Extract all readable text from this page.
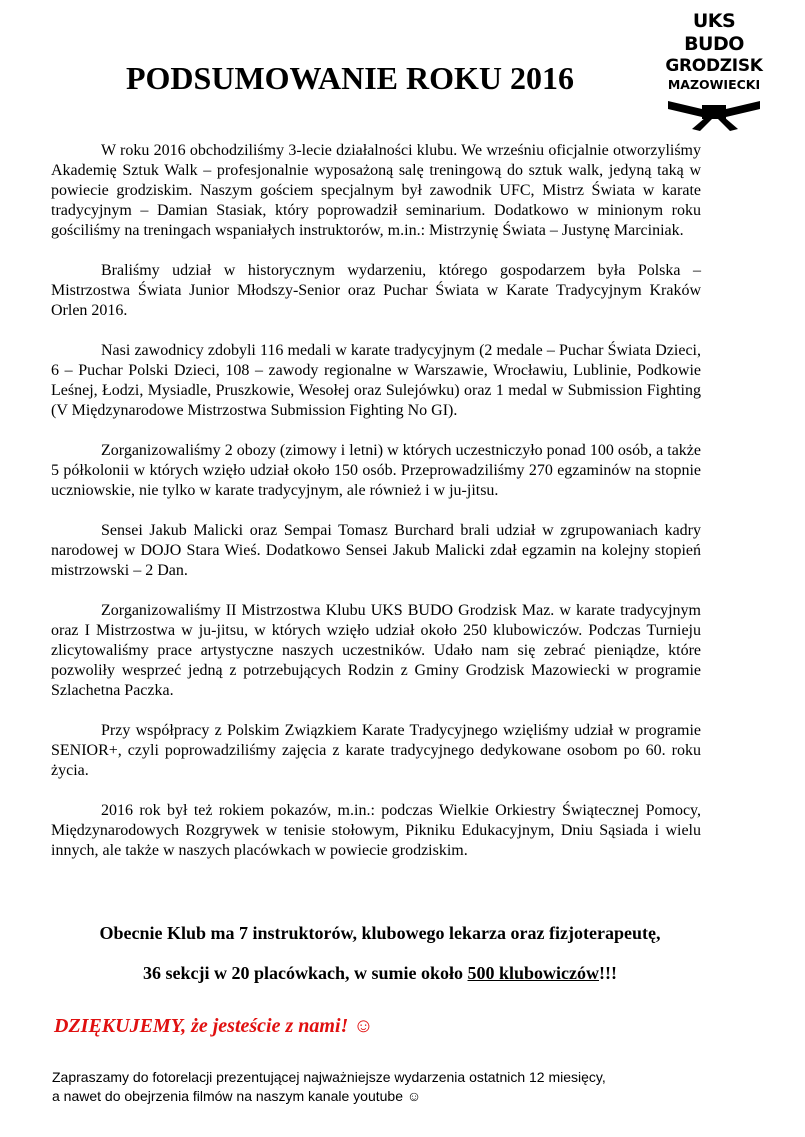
UKS BUDO
GRODZISK
MAZOWIECKI
PODSUMOWANIE ROKU 2016

W roku 2016 obchodziliśmy 3-lecie działalności klubu. We wrześniu oficjalnie otworzyliśmy Akademię Sztuk Walk – profesjonalnie wyposażoną salę treningową do sztuk walk, jedyną taką w powiecie grodziskim. Naszym gościem specjalnym był zawodnik UFC, Mistrz Świata w karate tradycyjnym – Damian Stasiak, który poprowadził seminarium. Dodatkowo w minionym roku gościliśmy na treningach wspaniałych instruktorów, m.in.: Mistrzynię Świata – Justynę Marciniak.

Braliśmy udział w historycznym wydarzeniu, którego gospodarzem była Polska – Mistrzostwa Świata Junior Młodszy-Senior oraz Puchar Świata w Karate Tradycyjnym Kraków Orlen 2016.

Nasi zawodnicy zdobyli 116 medali w karate tradycyjnym (2 medale – Puchar Świata Dzieci, 6 – Puchar Polski Dzieci, 108 – zawody regionalne w Warszawie, Wrocławiu, Lublinie, Podkowie Leśnej, Łodzi, Mysiadle, Pruszkowie, Wesołej oraz Sulejówku) oraz 1 medal w Submission Fighting (V Międzynarodowe Mistrzostwa Submission Fighting No GI).

Zorganizowaliśmy 2 obozy (zimowy i letni) w których uczestniczyło ponad 100 osób, a także 5 półkolonii w których wzięło udział około 150 osób. Przeprowadziliśmy 270 egzaminów na stopnie uczniowskie, nie tylko w karate tradycyjnym, ale również i w ju-jitsu.

Sensei Jakub Malicki oraz Sempai Tomasz Burchard brali udział w zgrupowaniach kadry narodowej w DOJO Stara Wieś. Dodatkowo Sensei Jakub Malicki zdał egzamin na kolejny stopień mistrzowski – 2 Dan.

Zorganizowaliśmy II Mistrzostwa Klubu UKS BUDO Grodzisk Maz. w karate tradycyjnym oraz I Mistrzostwa w ju-jitsu, w których wzięło udział około 250 klubowiczów. Podczas Turnieju zlicytowaliśmy prace artystyczne naszych uczestników. Udało nam się zebrać pieniądze, które pozwoliły wesprzeć jedną z potrzebujących Rodzin z Gminy Grodzisk Mazowiecki w programie Szlachetna Paczka.

Przy współpracy z Polskim Związkiem Karate Tradycyjnego wzięliśmy udział w programie SENIOR+, czyli poprowadziliśmy zajęcia z karate tradycyjnego dedykowane osobom po 60. roku życia.

2016 rok był też rokiem pokazów, m.in.: podczas Wielkie Orkiestry Świątecznej Pomocy, Międzynarodowych Rozgrywek w tenisie stołowym, Pikniku Edukacyjnym, Dniu Sąsiada i wielu innych, ale także w naszych placówkach w powiecie grodziskim.

Obecnie Klub ma 7 instruktorów, klubowego lekarza oraz fizjoterapeutę,
36 sekcji w 20 placówkach, w sumie około 500 klubowiczów!!!
DZIĘKUJEMY, że jesteście z nami! ☺
Zapraszamy do fotorelacji prezentującej najważniejsze wydarzenia ostatnich 12 miesięcy,
a nawet do obejrzenia filmów na naszym kanale youtube ☺
